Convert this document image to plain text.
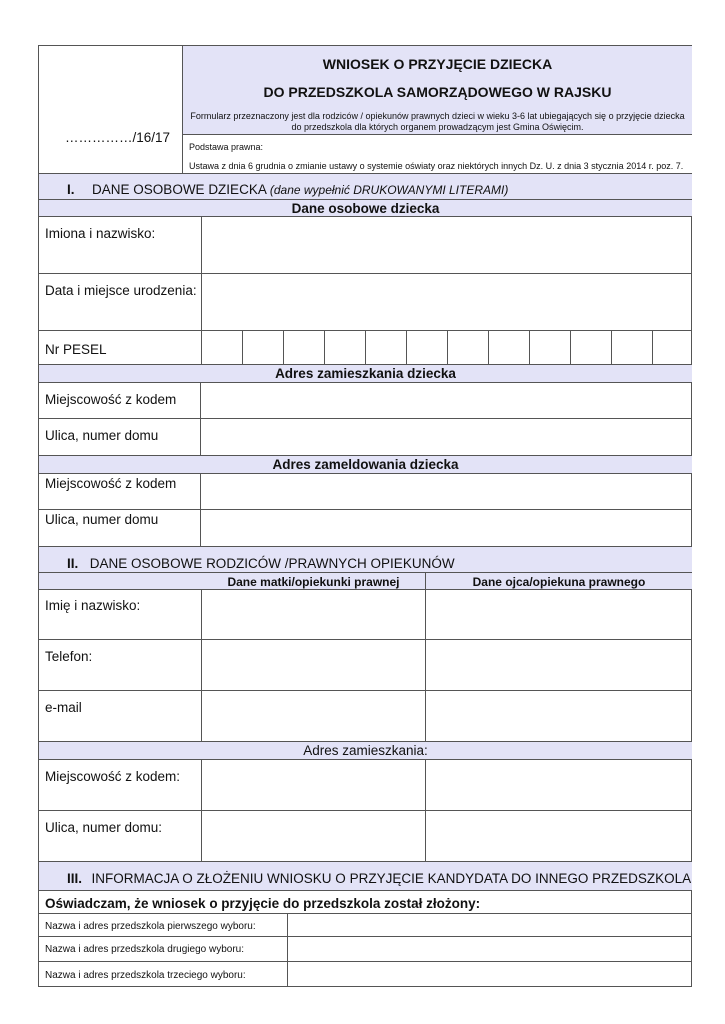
……………/16/17
WNIOSEK O PRZYJĘCIE DZIECKA
DO PRZEDSZKOLA SAMORZĄDOWEGO W RAJSKU
Formularz przeznaczony jest dla rodziców / opiekunów prawnych dzieci w wieku 3-6 lat ubiegających się o przyjęcie dziecka
do przedszkola dla których organem prowadzącym jest Gmina Oświęcim.
Podstawa prawna:
Ustawa z dnia 6 grudnia o zmianie ustawy o systemie oświaty oraz niektórych innych Dz. U. z dnia 3 stycznia 2014 r. poz. 7.
I. DANE OSOBOWE DZIECKA (dane wypełnić DRUKOWANYMI LITERAMI)
Dane osobowe dziecka
Imiona i nazwisko:
Data i miejsce urodzenia:
Nr PESEL
Adres zamieszkania dziecka
Miejscowość z kodem
Ulica, numer domu
Adres zameldowania dziecka
Miejscowość z kodem
Ulica, numer domu
II. DANE OSOBOWE RODZICÓW /PRAWNYCH OPIEKUNÓW
Dane matki/opiekunki prawnej	Dane ojca/opiekuna prawnego
Imię i nazwisko:
Telefon:
e-mail
Adres zamieszkania:
Miejscowość z kodem:
Ulica, numer domu:
III. INFORMACJA O ZŁOŻENIU WNIOSKU O PRZYJĘCIE KANDYDATA DO INNEGO PRZEDSZKOLA
Oświadczam, że wniosek o przyjęcie do przedszkola został złożony:
Nazwa i adres przedszkola pierwszego wyboru:
Nazwa i adres przedszkola drugiego wyboru:
Nazwa i adres przedszkola trzeciego wyboru:
